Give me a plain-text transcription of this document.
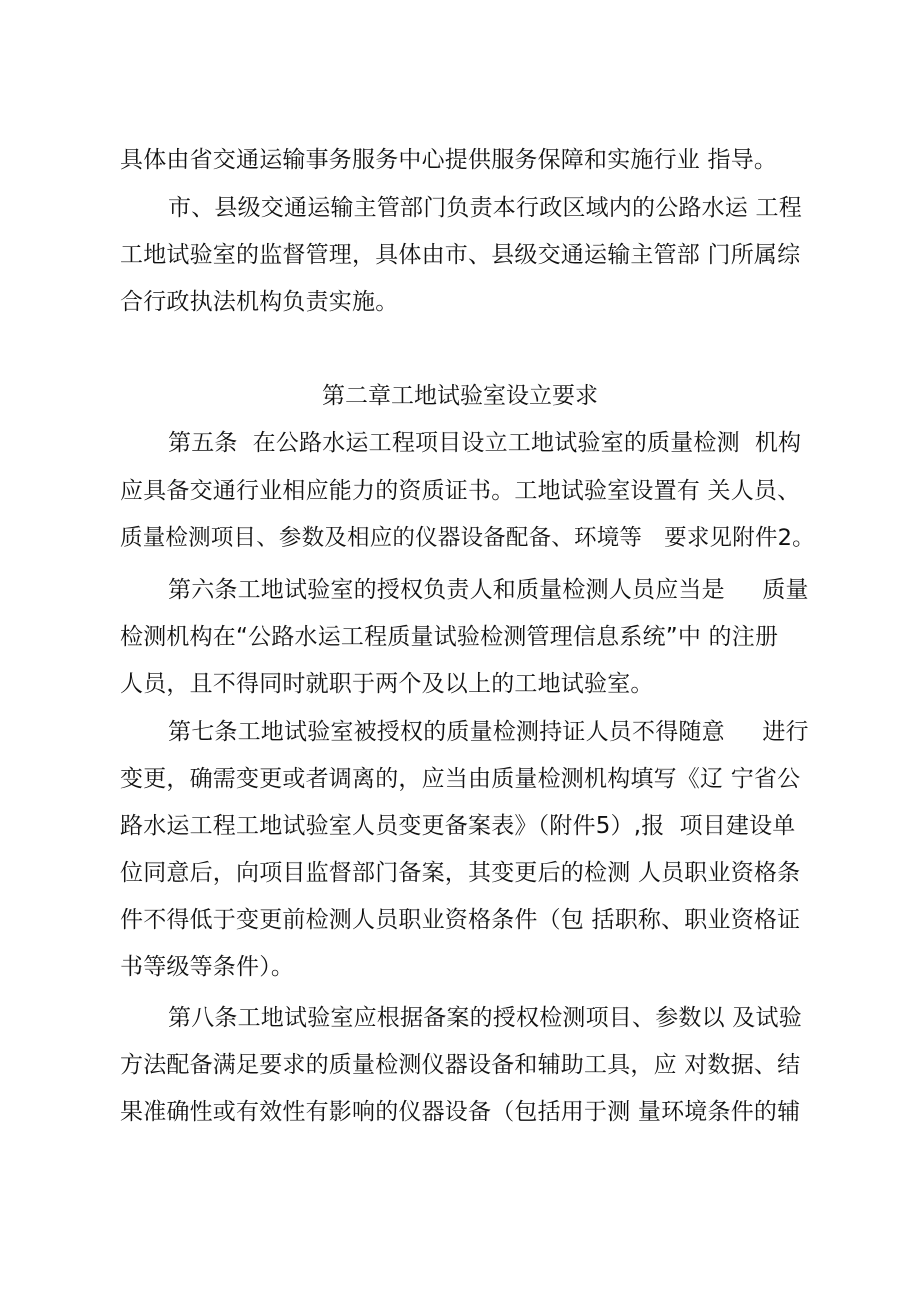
具体由省交通运输事务服务中心提供服务保障和实施行业 指导。
市、县级交通运输主管部门负责本行政区域内的公路水运 工程
工地试验室的监督管理，具体由市、县级交通运输主管部 门所属综
合行政执法机构负责实施。
第二章工地试验室设立要求
第五条  在公路水运工程项目设立工地试验室的质量检测  机构
应具备交通行业相应能力的资质证书。工地试验室设置有 关人员、
质量检测项目、参数及相应的仪器设备配备、环境等   要求见附件2。
第六条工地试验室的授权负责人和质量检测人员应当是     质量
检测机构在“公路水运工程质量试验检测管理信息系统”中 的注册
人员，且不得同时就职于两个及以上的工地试验室。
第七条工地试验室被授权的质量检测持证人员不得随意     进行
变更，确需变更或者调离的，应当由质量检测机构填写《辽 宁省公
路水运工程工地试验室人员变更备案表》（附件5）,报  项目建设单
位同意后，向项目监督部门备案，其变更后的检测 人员职业资格条
件不得低于变更前检测人员职业资格条件（包 括职称、职业资格证
书等级等条件）。
第八条工地试验室应根据备案的授权检测项目、参数以 及试验
方法配备满足要求的质量检测仪器设备和辅助工具，应 对数据、结
果准确性或有效性有影响的仪器设备（包括用于测 量环境条件的辅
